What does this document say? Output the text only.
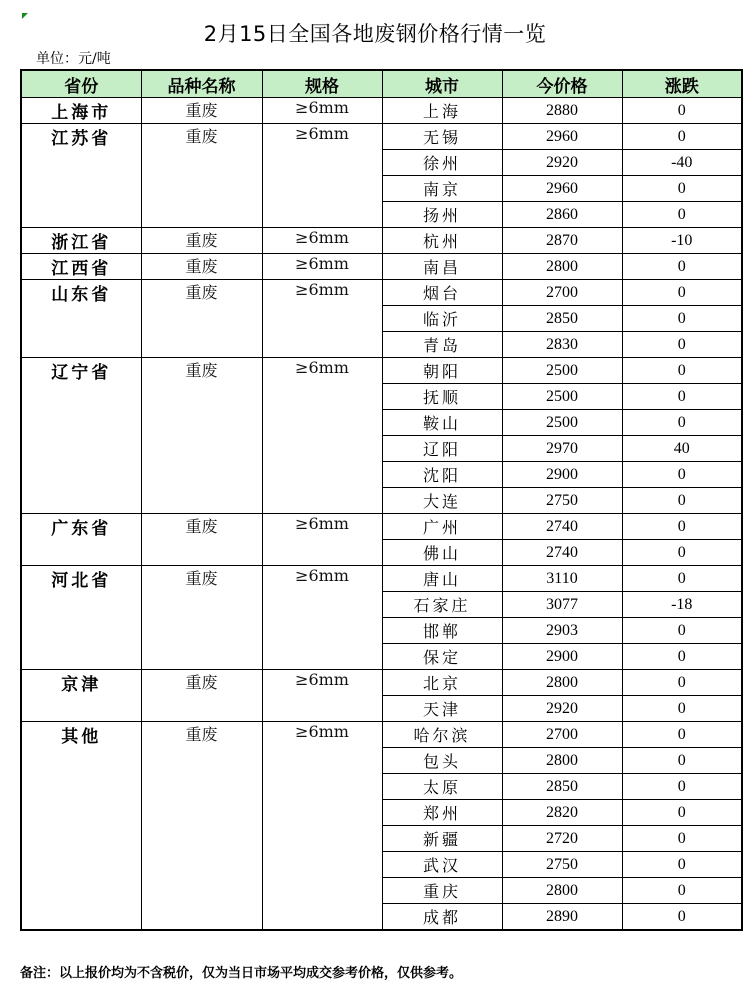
2月15日全国各地废钢价格行情一览
单位：元/吨
省份	品种名称	规格	城市	今价格	涨跌
上海市	重废	≥6mm	上海	2880	0
江苏省	重废	≥6mm	无锡	2960	0
			徐州	2920	-40
			南京	2960	0
			扬州	2860	0
浙江省	重废	≥6mm	杭州	2870	-10
江西省	重废	≥6mm	南昌	2800	0
山东省	重废	≥6mm	烟台	2700	0
			临沂	2850	0
			青岛	2830	0
辽宁省	重废	≥6mm	朝阳	2500	0
			抚顺	2500	0
			鞍山	2500	0
			辽阳	2970	40
			沈阳	2900	0
			大连	2750	0
广东省	重废	≥6mm	广州	2740	0
			佛山	2740	0
河北省	重废	≥6mm	唐山	3110	0
			石家庄	3077	-18
			邯郸	2903	0
			保定	2900	0
京津	重废	≥6mm	北京	2800	0
			天津	2920	0
其他	重废	≥6mm	哈尔滨	2700	0
			包头	2800	0
			太原	2850	0
			郑州	2820	0
			新疆	2720	0
			武汉	2750	0
			重庆	2800	0
			成都	2890	0
备注：以上报价均为不含税价，仅为当日市场平均成交参考价格，仅供参考。
